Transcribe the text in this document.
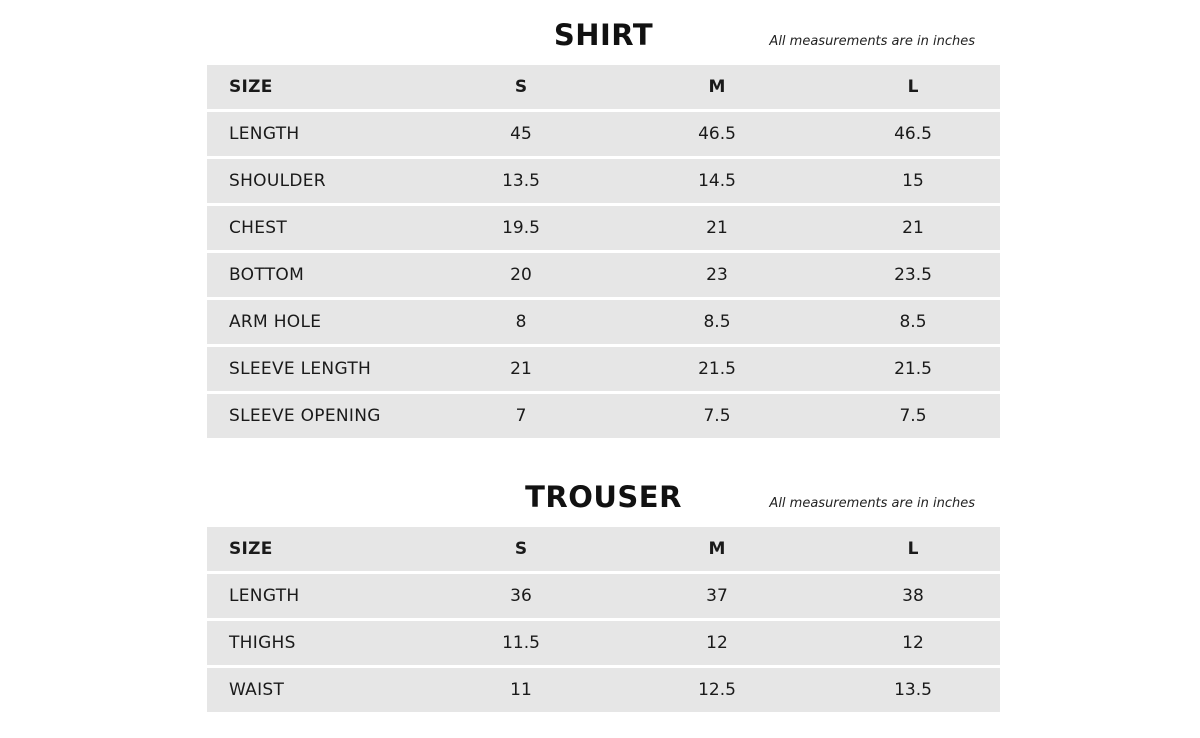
SHIRT	All measurements are in inches
SIZE	S	M	L
LENGTH	45	46.5	46.5
SHOULDER	13.5	14.5	15
CHEST	19.5	21	21
BOTTOM	20	23	23.5
ARM HOLE	8	8.5	8.5
SLEEVE LENGTH	21	21.5	21.5
SLEEVE OPENING	7	7.5	7.5
TROUSER	All measurements are in inches
SIZE	S	M	L
LENGTH	36	37	38
THIGHS	11.5	12	12
WAIST	11	12.5	13.5
